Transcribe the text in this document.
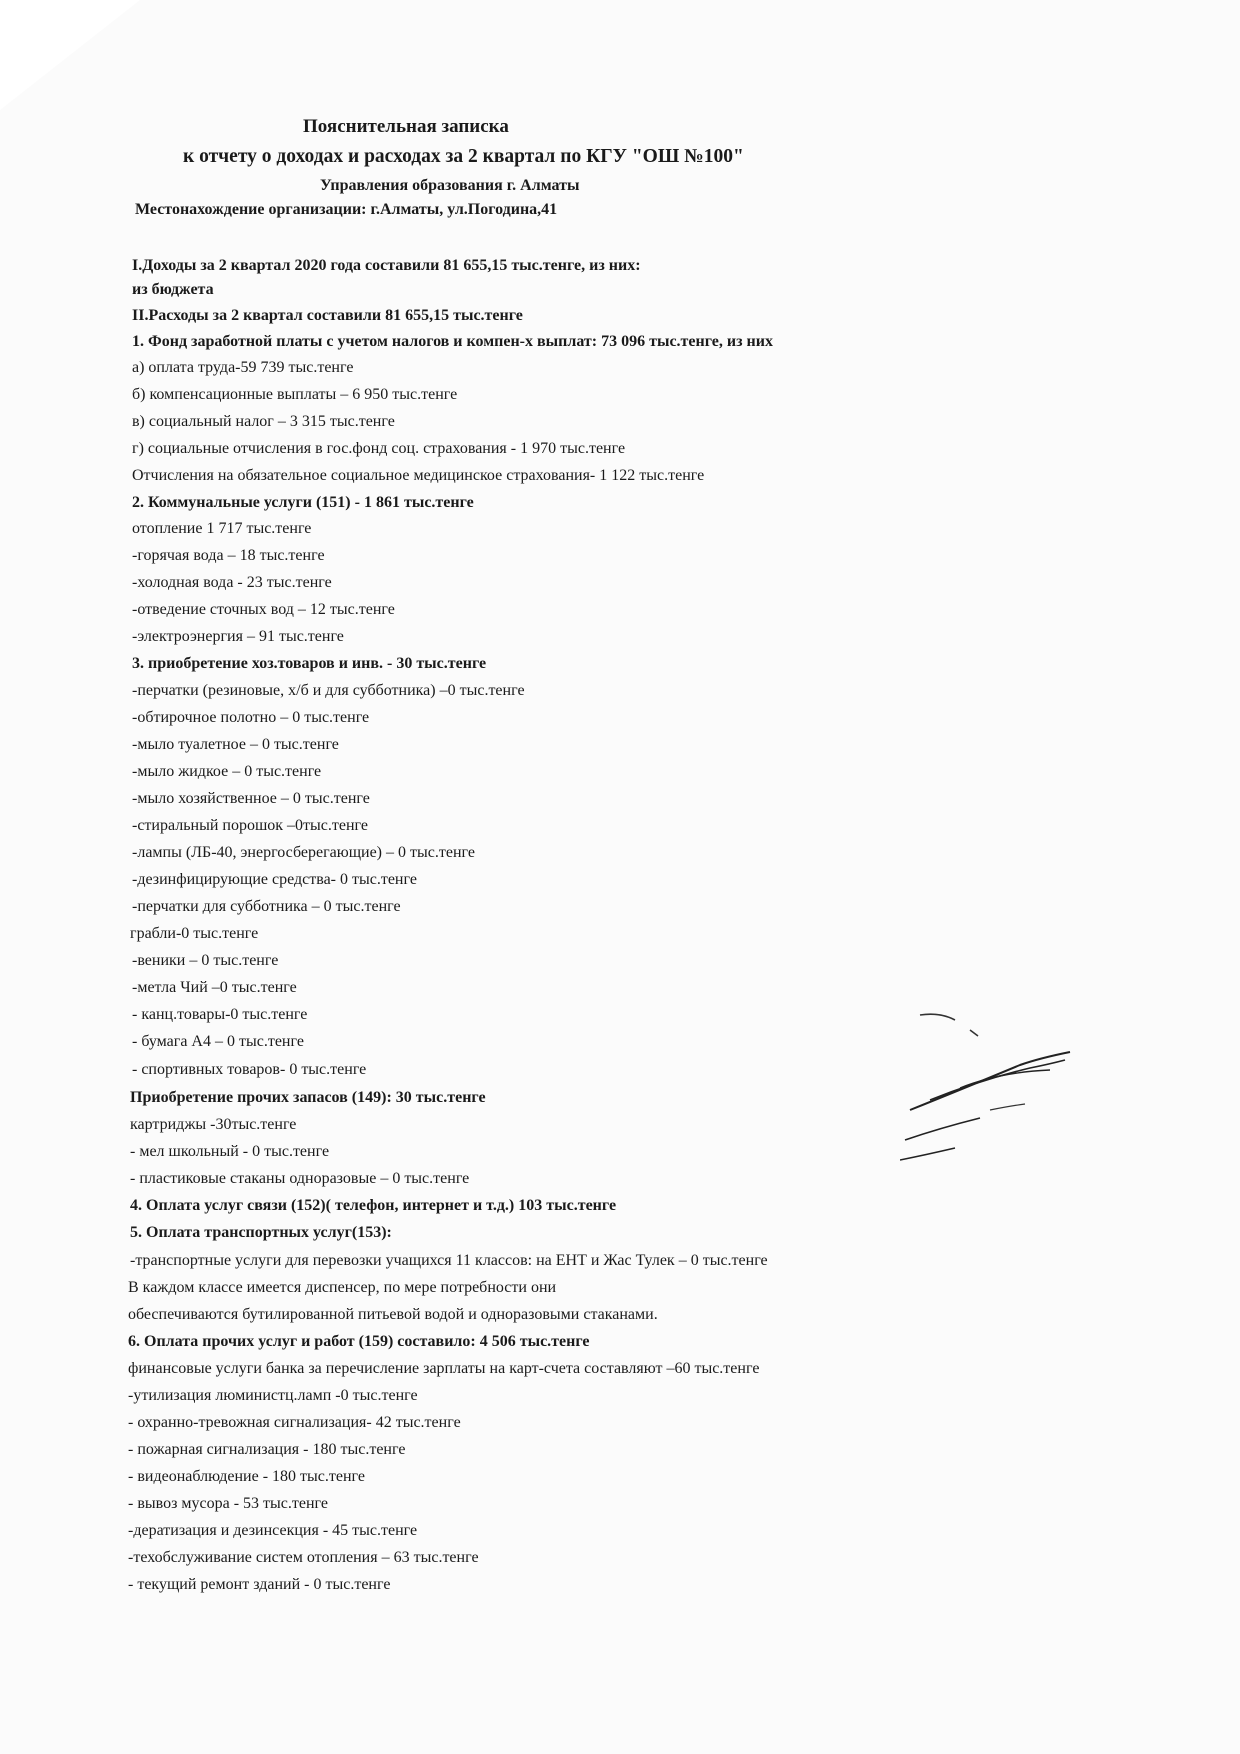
Пояснительная записка
к отчету о доходах и расходах за 2 квартал по КГУ "ОШ №100"
Управления образования г. Алматы
Местонахождение организации: г.Алматы, ул.Погодина,41
I.Доходы за 2 квартал 2020 года составили 81 655,15 тыс.тенге, из них:
из бюджета
II.Расходы за 2 квартал составили 81 655,15 тыс.тенге
1. Фонд заработной платы с учетом налогов и компен-х выплат: 73 096 тыс.тенге, из них
а) оплата труда-59 739 тыс.тенге
б) компенсационные выплаты – 6 950 тыс.тенге
в) социальный налог – 3 315 тыс.тенге
г) социальные отчисления в гос.фонд соц. страхования - 1 970 тыс.тенге
Отчисления на обязательное социальное медицинское страхования- 1 122 тыс.тенге
2. Коммунальные услуги (151) - 1 861 тыс.тенге
отопление 1 717 тыс.тенге
-горячая вода – 18 тыс.тенге
-холодная вода - 23 тыс.тенге
-отведение сточных вод – 12 тыс.тенге
-электроэнергия – 91 тыс.тенге
3. приобретение хоз.товаров и инв. - 30 тыс.тенге
-перчатки (резиновые, х/б и для субботника) –0 тыс.тенге
-обтирочное полотно – 0 тыс.тенге
-мыло туалетное – 0 тыс.тенге
-мыло жидкое – 0 тыс.тенге
-мыло хозяйственное – 0 тыс.тенге
-стиральный порошок –0тыс.тенге
-лампы (ЛБ-40, энергосберегающие) – 0 тыс.тенге
-дезинфицирующие средства- 0 тыс.тенге
-перчатки для субботника – 0 тыс.тенге
грабли-0 тыс.тенге
-веники – 0 тыс.тенге
-метла Чий –0 тыс.тенге
- канц.товары-0 тыс.тенге
- бумага А4 – 0 тыс.тенге
- спортивных товаров- 0 тыс.тенге
Приобретение прочих запасов (149): 30 тыс.тенге
картриджы -30тыс.тенге
- мел школьный - 0 тыс.тенге
- пластиковые стаканы одноразовые – 0 тыс.тенге
4. Оплата услуг связи (152)( телефон, интернет и т.д.) 103 тыс.тенге
5. Оплата транспортных услуг(153):
-транспортные услуги для перевозки учащихся 11 классов: на ЕНТ и Жас Тулек – 0 тыс.тенге
В каждом классе имеется диспенсер, по мере потребности они
обеспечиваются бутилированной питьевой водой и одноразовыми стаканами.
6. Оплата прочих услуг и работ (159) составило: 4 506 тыс.тенге
финансовые услуги банка за перечисление зарплаты на карт-счета составляют –60 тыс.тенге
-утилизация люминистц.ламп -0 тыс.тенге
- охранно-тревожная сигнализация- 42 тыс.тенге
- пожарная сигнализация - 180 тыс.тенге
- видеонаблюдение - 180 тыс.тенге
- вывоз мусора - 53 тыс.тенге
-дератизация и дезинсекция - 45 тыс.тенге
-техобслуживание систем отопления – 63 тыс.тенге
- текущий ремонт зданий - 0 тыс.тенге
